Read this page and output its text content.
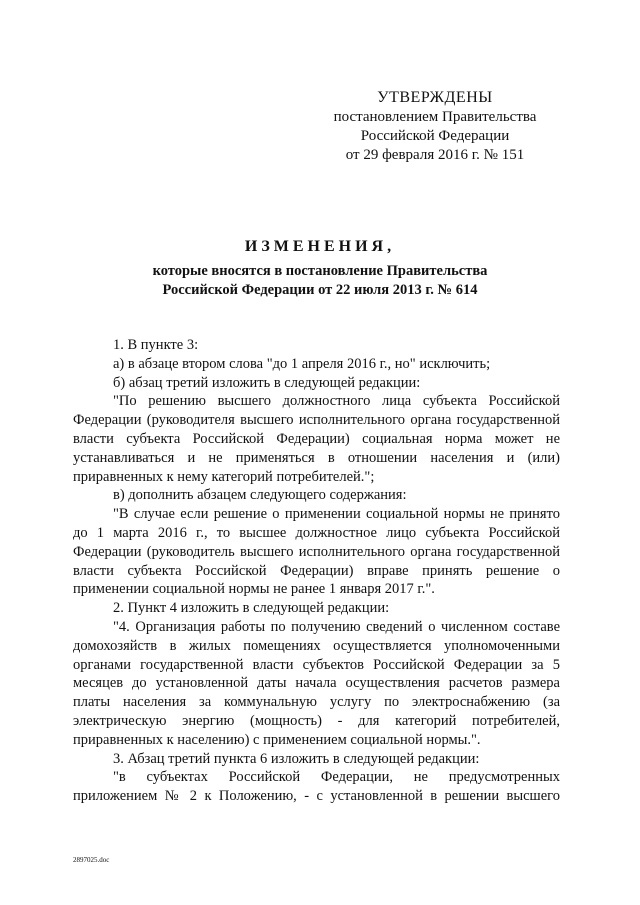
УТВЕРЖДЕНЫ
постановлением Правительства
Российской Федерации
от 29 февраля 2016 г. № 151
ИЗМЕНЕНИЯ,
которые вносятся в постановление Правительства
Российской Федерации от 22 июля 2013 г. № 614

1. В пункте 3:

а) в абзаце втором слова "до 1 апреля 2016 г., но" исключить;

б) абзац третий изложить в следующей редакции:

"По решению высшего должностного лица субъекта Российской Федерации (руководителя высшего исполнительного органа государственной власти субъекта Российской Федерации) социальная норма может не устанавливаться и не применяться в отношении населения и (или) приравненных к нему категорий потребителей.";

в) дополнить абзацем следующего содержания:

"В случае если решение о применении социальной нормы не принято до 1 марта 2016 г., то высшее должностное лицо субъекта Российской Федерации (руководитель высшего исполнительного органа государственной власти субъекта Российской Федерации) вправе принять решение о применении социальной нормы не ранее 1 января 2017 г.".

2. Пункт 4 изложить в следующей редакции:

"4. Организация работы по получению сведений о численном составе домохозяйств в жилых помещениях осуществляется уполномоченными органами государственной власти субъектов Российской Федерации за 5 месяцев до установленной даты начала осуществления расчетов размера платы населения за коммунальную услугу по электроснабжению (за электрическую энергию (мощность) - для категорий потребителей, приравненных к населению) с применением социальной нормы.".

3. Абзац третий пункта 6 изложить в следующей редакции:

"в субъектах Российской Федерации, не предусмотренных приложением № 2 к Положению, - с установленной в решении высшего

2897025.doc
